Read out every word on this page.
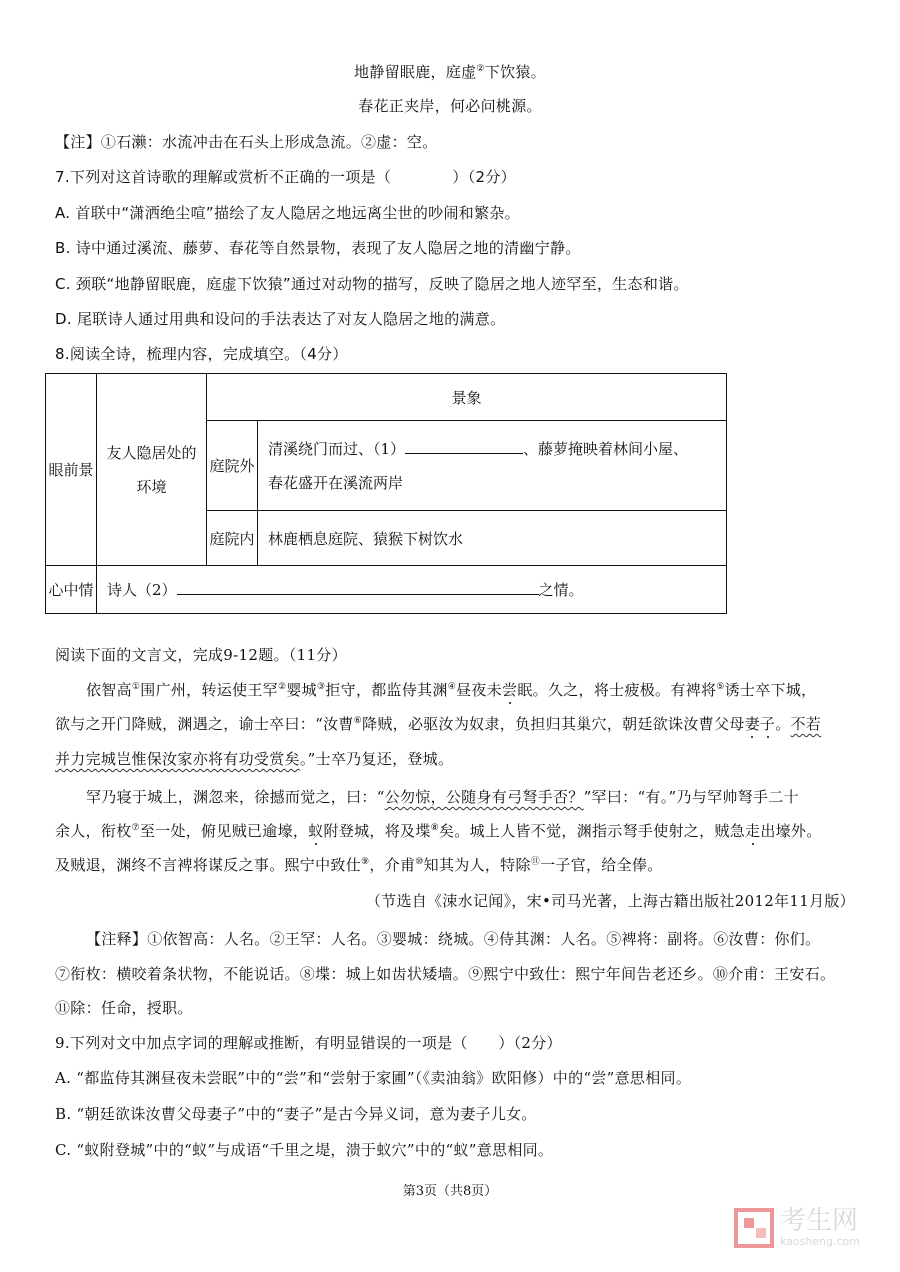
地静留眠鹿，庭虚②下饮猿。
春花正夹岸，何必问桃源。
【注】①石濑：水流冲击在石头上形成急流。②虚：空。
7.下列对这首诗歌的理解或赏析不正确的一项是（　　　　）（2分）
A. 首联中“潇洒绝尘喧”描绘了友人隐居之地远离尘世的吵闹和繁杂。
B. 诗中通过溪流、藤萝、春花等自然景物，表现了友人隐居之地的清幽宁静。
C. 颈联“地静留眠鹿，庭虚下饮猿”通过对动物的描写，反映了隐居之地人迹罕至，生态和谐。
D. 尾联诗人通过用典和设问的手法表达了对友人隐居之地的满意。
8.阅读全诗，梳理内容，完成填空。（4分）
眼前景	友人隐居处的环境	景象	
		庭院外	清溪绕门而过、（1） 、藤萝掩映着林间小屋、
春花盛开在溪流两岸
		庭院内	林鹿栖息庭院、猿猴下树饮水
心中情	诗人（2） 之情。		
阅读下面的文言文，完成9-12题。（11分）
依智高①围广州，转运使王罕②婴城③拒守，都监侍其渊④昼夜未尝眠。久之，将士疲极。有裨将⑤诱士卒下城，
欲与之开门降贼，渊遇之，谕士卒曰：“汝曹⑥降贼，必驱汝为奴隶，负担归其巢穴，朝廷欲诛汝曹父母妻子。不若
并力完城岂惟保汝家亦将有功受赏矣。”士卒乃复还，登城。
罕乃寝于城上，渊忽来，徐撼而觉之，曰：“公勿惊，公随身有弓弩手否？”罕曰：“有。”乃与罕帅弩手二十
余人，衔枚⑦至一处，俯见贼已逾壕，蚁附登城，将及堞⑧矣。城上人皆不觉，渊指示弩手使射之，贼急走出壕外。
及贼退，渊终不言裨将谋反之事。熙宁中致仕⑨，介甫⑩知其为人，特除⑪一子官，给全俸。
（节选自《涑水记闻》，宋•司马光著，上海古籍出版社2012年11月版）
【注释】①依智高：人名。②王罕：人名。③婴城：绕城。④侍其渊：人名。⑤裨将：副将。⑥汝曹：你们。
⑦衔枚：横咬着条状物，不能说话。⑧堞：城上如齿状矮墙。⑨熙宁中致仕：熙宁年间告老还乡。⑩介甫：王安石。
⑪除：任命，授职。
9.下列对文中加点字词的理解或推断，有明显错误的一项是（　　）（2分）
A. “都监侍其渊昼夜未尝眠”中的“尝”和“尝射于家圃”（《卖油翁》欧阳修）中的“尝”意思相同。
B. “朝廷欲诛汝曹父母妻子”中的“妻子”是古今异义词，意为妻子儿女。
C. “蚁附登城”中的“蚁”与成语“千里之堤，溃于蚁穴”中的“蚁”意思相同。
第3页（共8页）
考生网
kaosheng.com
